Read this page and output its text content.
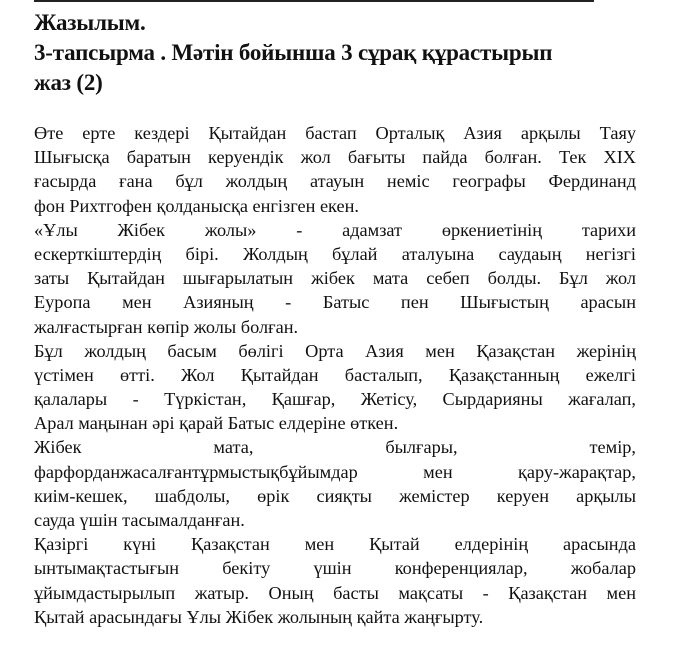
Жазылым.
3-тапсырма . Мәтін бойынша 3 сұрақ құрастырып
жаз (2)
Өте ерте кездері Қытайдан бастап Орталық Азия арқылы Таяу
Шығысқа баратын керуендік жол бағыты пайда болған. Тек XIX
ғасырда ғана бұл жолдың атауын неміс географы Фердинанд
фон Рихтгофен қолданысқа енгізген екен.
«Ұлы Жібек жолы» - адамзат өркениетінің тарихи
ескерткіштердің бірі. Жолдың бұлай аталуына саудаың негізгі
заты Қытайдан шығарылатын жібек мата себеп болды. Бұл жол
Еуропа мен Азияның - Батыс пен Шығыстың арасын
жалғастырған көпір жолы болған.
Бұл жолдың басым бөлігі Орта Азия мен Қазақстан жерінің
үстімен өтті. Жол Қытайдан басталып, Қазақстанның ежелгі
қалалары - Түркістан, Қашғар, Жетісу, Сырдарияны жағалап,
Арал маңынан әрі қарай Батыс елдеріне өткен.
Жібек мата, былғары, темір,
фарфорданжасалғантұрмыстықбұйымдар мен қару-жарақтар,
киім-кешек, шабдолы, өрік сияқты жемістер керуен арқылы
сауда үшін тасымалданған.
Қазіргі күні Қазақстан мен Қытай елдерінің арасында
ынтымақтастығын бекіту үшін конференциялар, жобалар
ұйымдастырылып жатыр. Оның басты мақсаты - Қазақстан мен
Қытай арасындағы Ұлы Жібек жолының қайта жаңғырту.
